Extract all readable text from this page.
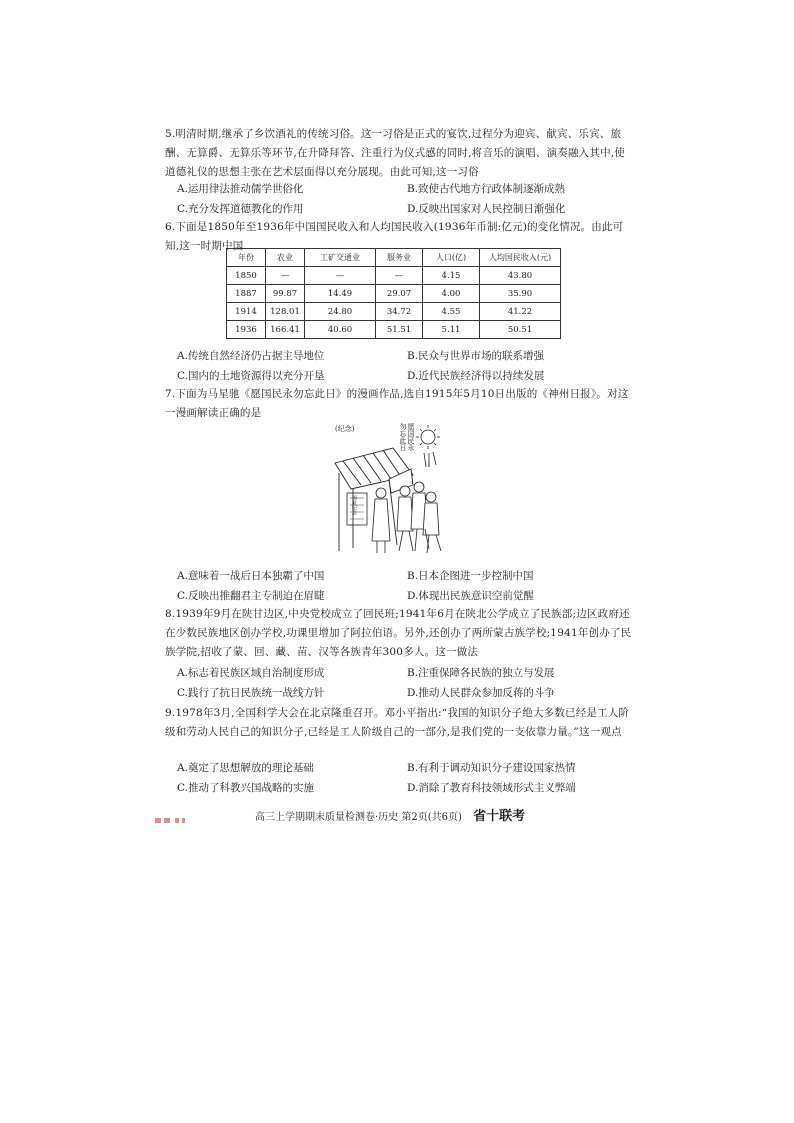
5.明清时期,继承了乡饮酒礼的传统习俗。这一习俗是正式的宴饮,过程分为迎宾、献宾、乐宾、旅酬、无算爵、无算乐等环节,在升降拜答、注重行为仪式感的同时,将音乐的演唱、演奏融入其中,使道德礼仪的思想主张在艺术层面得以充分展现。由此可知,这一习俗

A.运用律法推动儒学世俗化	B.致使古代地方行政体制逐渐成熟
C.充分发挥道德教化的作用	D.反映出国家对人民控制日渐强化

6.下面是1850年至1936年中国国民收入和人均国民收入(1936年币制:亿元)的变化情况。由此可知,这一时期中国

年份	农业	工矿交通业	服务业	人口(亿)	人均国民收入(元)
1850	—	—	—	4.15	43.80
1887	99.87	14.49	29.07	4.00	35.90
1914	128.01	24.80	34.72	4.55	41.22
1936	166.41	40.60	51.51	5.11	50.51
A.传统自然经济仍占据主导地位	B.民众与世界市场的联系增强
C.国内的土地资源得以充分开垦	D.近代民族经济得以持续发展

7.下面为马星驰《愿国民永勿忘此日》的漫画作品,选自1915年5月10日出版的《神州日报》。对这一漫画解读正确的是

(纪念)	愿国民永勿忘此日
国耻纪念
A.意味着一战后日本独霸了中国	B.日本企图进一步控制中国
C.反映出推翻君主专制迫在眉睫	D.体现出民族意识空前觉醒

8.1939年9月在陕甘边区,中央党校成立了回民班;1941年6月在陕北公学成立了民族部;边区政府还在少数民族地区创办学校,功课里增加了阿拉伯语。另外,还创办了两所蒙古族学校;1941年创办了民族学院,招收了蒙、回、藏、苗、汉等各族青年300多人。这一做法

A.标志着民族区域自治制度形成	B.注重保障各民族的独立与发展
C.践行了抗日民族统一战线方针	D.推动人民群众参加反蒋的斗争

9.1978年3月,全国科学大会在北京隆重召开。邓小平指出:“我国的知识分子绝大多数已经是工人阶级和劳动人民自己的知识分子,已经是工人阶级自己的一部分,是我们党的一支依靠力量。”这一观点

A.奠定了思想解放的理论基础	B.有利于调动知识分子建设国家热情
C.推动了科教兴国战略的实施	D.消除了教育科技领域形式主义弊端
高三上学期期末质量检测卷·历史 第2页(共6页) 省十联考
